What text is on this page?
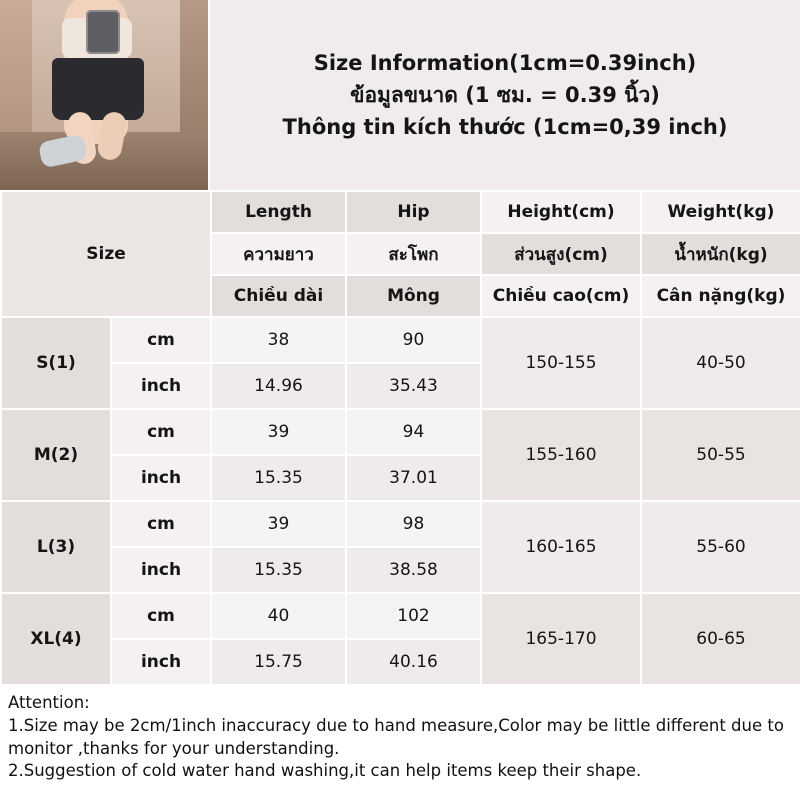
Size Information(1cm=0.39inch)
ข้อมูลขนาด (1 ซม. = 0.39 นิ้ว)
Thông tin kích thước (1cm=0,39 inch)
Size		Length	Hip	Height(cm)	Weight(kg)
		ความยาว	สะโพก	ส่วนสูง(cm)	น้ำหนัก(kg)
		Chiều dài	Mông	Chiều cao(cm)	Cân nặng(kg)
S(1)	cm	38	90	150-155	40-50
	inch	14.96	35.43		
M(2)	cm	39	94	155-160	50-55
	inch	15.35	37.01		
L(3)	cm	39	98	160-165	55-60
	inch	15.35	38.58		
XL(4)	cm	40	102	165-170	60-65
	inch	15.75	40.16		
Attention:
1.Size may be 2cm/1inch inaccuracy due to hand measure,Color may be little different due to monitor ,thanks for your understanding.
2.Suggestion of cold water hand washing,it can help items keep their shape.
